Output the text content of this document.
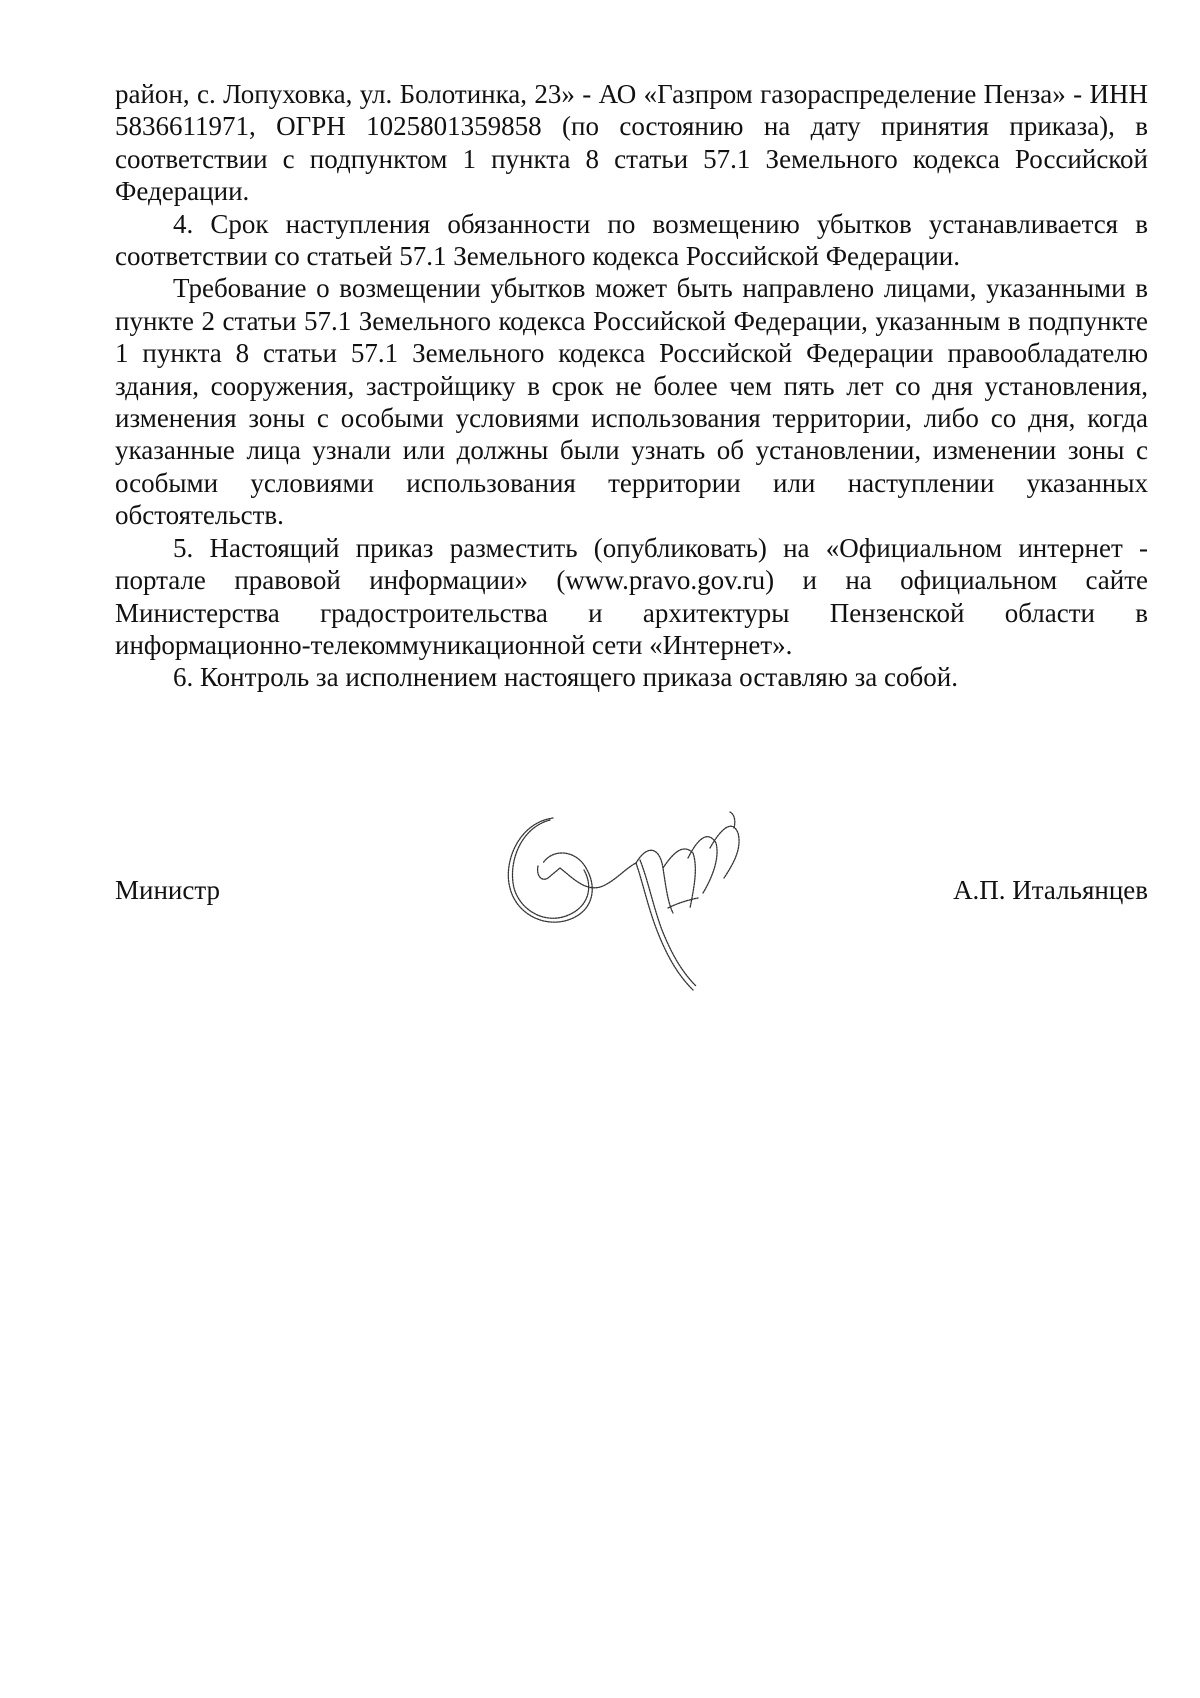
район, с. Лопуховка, ул. Болотинка, 23» - АО «Газпром газораспределение Пенза» - ИНН 5836611971, ОГРН 1025801359858 (по состоянию на дату принятия приказа), в соответствии с подпунктом 1 пункта 8 статьи 57.1 Земельного кодекса Российской Федерации.

4. Срок наступления обязанности по возмещению убытков устанавливается в соответствии со статьей 57.1 Земельного кодекса Российской Федерации.

Требование о возмещении убытков может быть направлено лицами, указанными в пункте 2 статьи 57.1 Земельного кодекса Российской Федерации, указанным в подпункте 1 пункта 8 статьи 57.1 Земельного кодекса Российской Федерации правообладателю здания, сооружения, застройщику в срок не более чем пять лет со дня установления, изменения зоны с особыми условиями использования территории, либо со дня, когда указанные лица узнали или должны были узнать об установлении, изменении зоны с особыми условиями использования территории или наступлении указанных обстоятельств.

5. Настоящий приказ разместить (опубликовать) на «Официальном интернет - портале правовой информации» (www.pravo.gov.ru) и на официальном сайте Министерства градостроительства и архитектуры Пензенской области в информационно-телекоммуникационной сети «Интернет».

6. Контроль за исполнением настоящего приказа оставляю за собой.

Министр	А.П. Итальянцев
